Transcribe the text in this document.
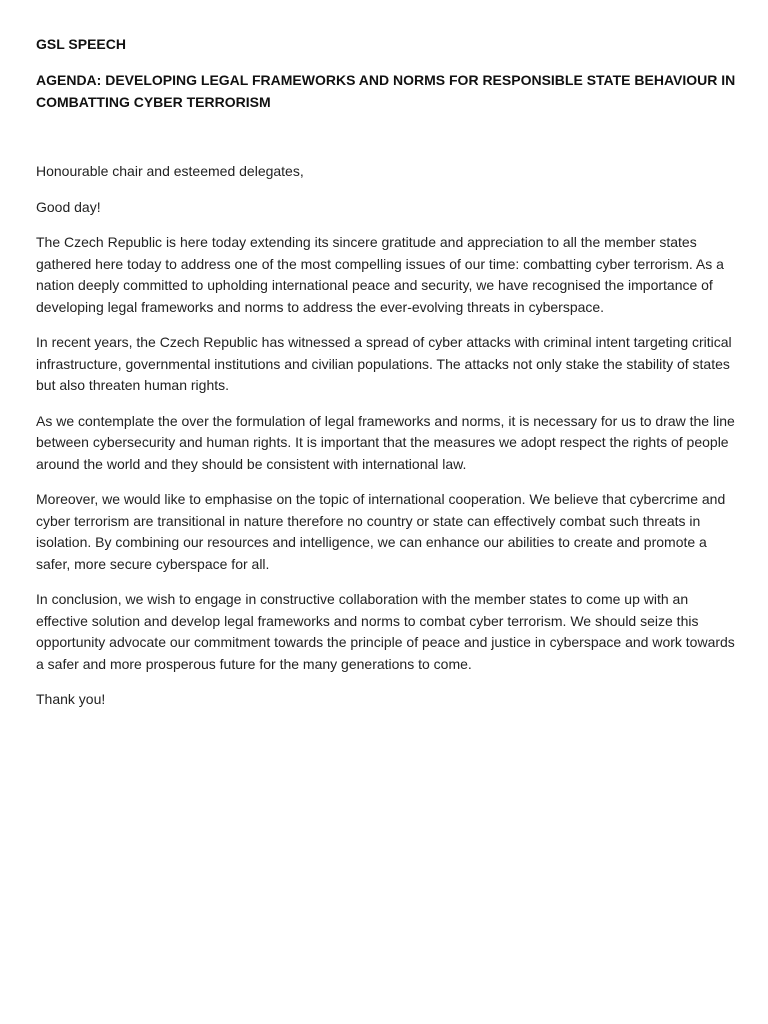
GSL SPEECH
AGENDA: DEVELOPING LEGAL FRAMEWORKS AND NORMS FOR RESPONSIBLE STATE BEHAVIOUR IN COMBATTING CYBER TERRORISM

Honourable chair and esteemed delegates,

Good day!

The Czech Republic is here today extending its sincere gratitude and appreciation to all the member states gathered here today to address one of the most compelling issues of our time: combatting cyber terrorism. As a nation deeply committed to upholding international peace and security, we have recognised the importance of developing legal frameworks and norms to address the ever-evolving threats in cyberspace.

In recent years, the Czech Republic has witnessed a spread of cyber attacks with criminal intent targeting critical infrastructure, governmental institutions and civilian populations. The attacks not only stake the stability of states but also threaten human rights.

As we contemplate the over the formulation of legal frameworks and norms, it is necessary for us to draw the line between cybersecurity and human rights. It is important that the measures we adopt respect the rights of people around the world and they should be consistent with international law.

Moreover, we would like to emphasise on the topic of international cooperation. We believe that cybercrime and cyber terrorism are transitional in nature therefore no country or state can effectively combat such threats in isolation. By combining our resources and intelligence, we can enhance our abilities to create and promote a safer, more secure cyberspace for all.

In conclusion, we wish to engage in constructive collaboration with the member states to come up with an effective solution and develop legal frameworks and norms to combat cyber terrorism. We should seize this opportunity advocate our commitment towards the principle of peace and justice in cyberspace and work towards a safer and more prosperous future for the many generations to come.

Thank you!
